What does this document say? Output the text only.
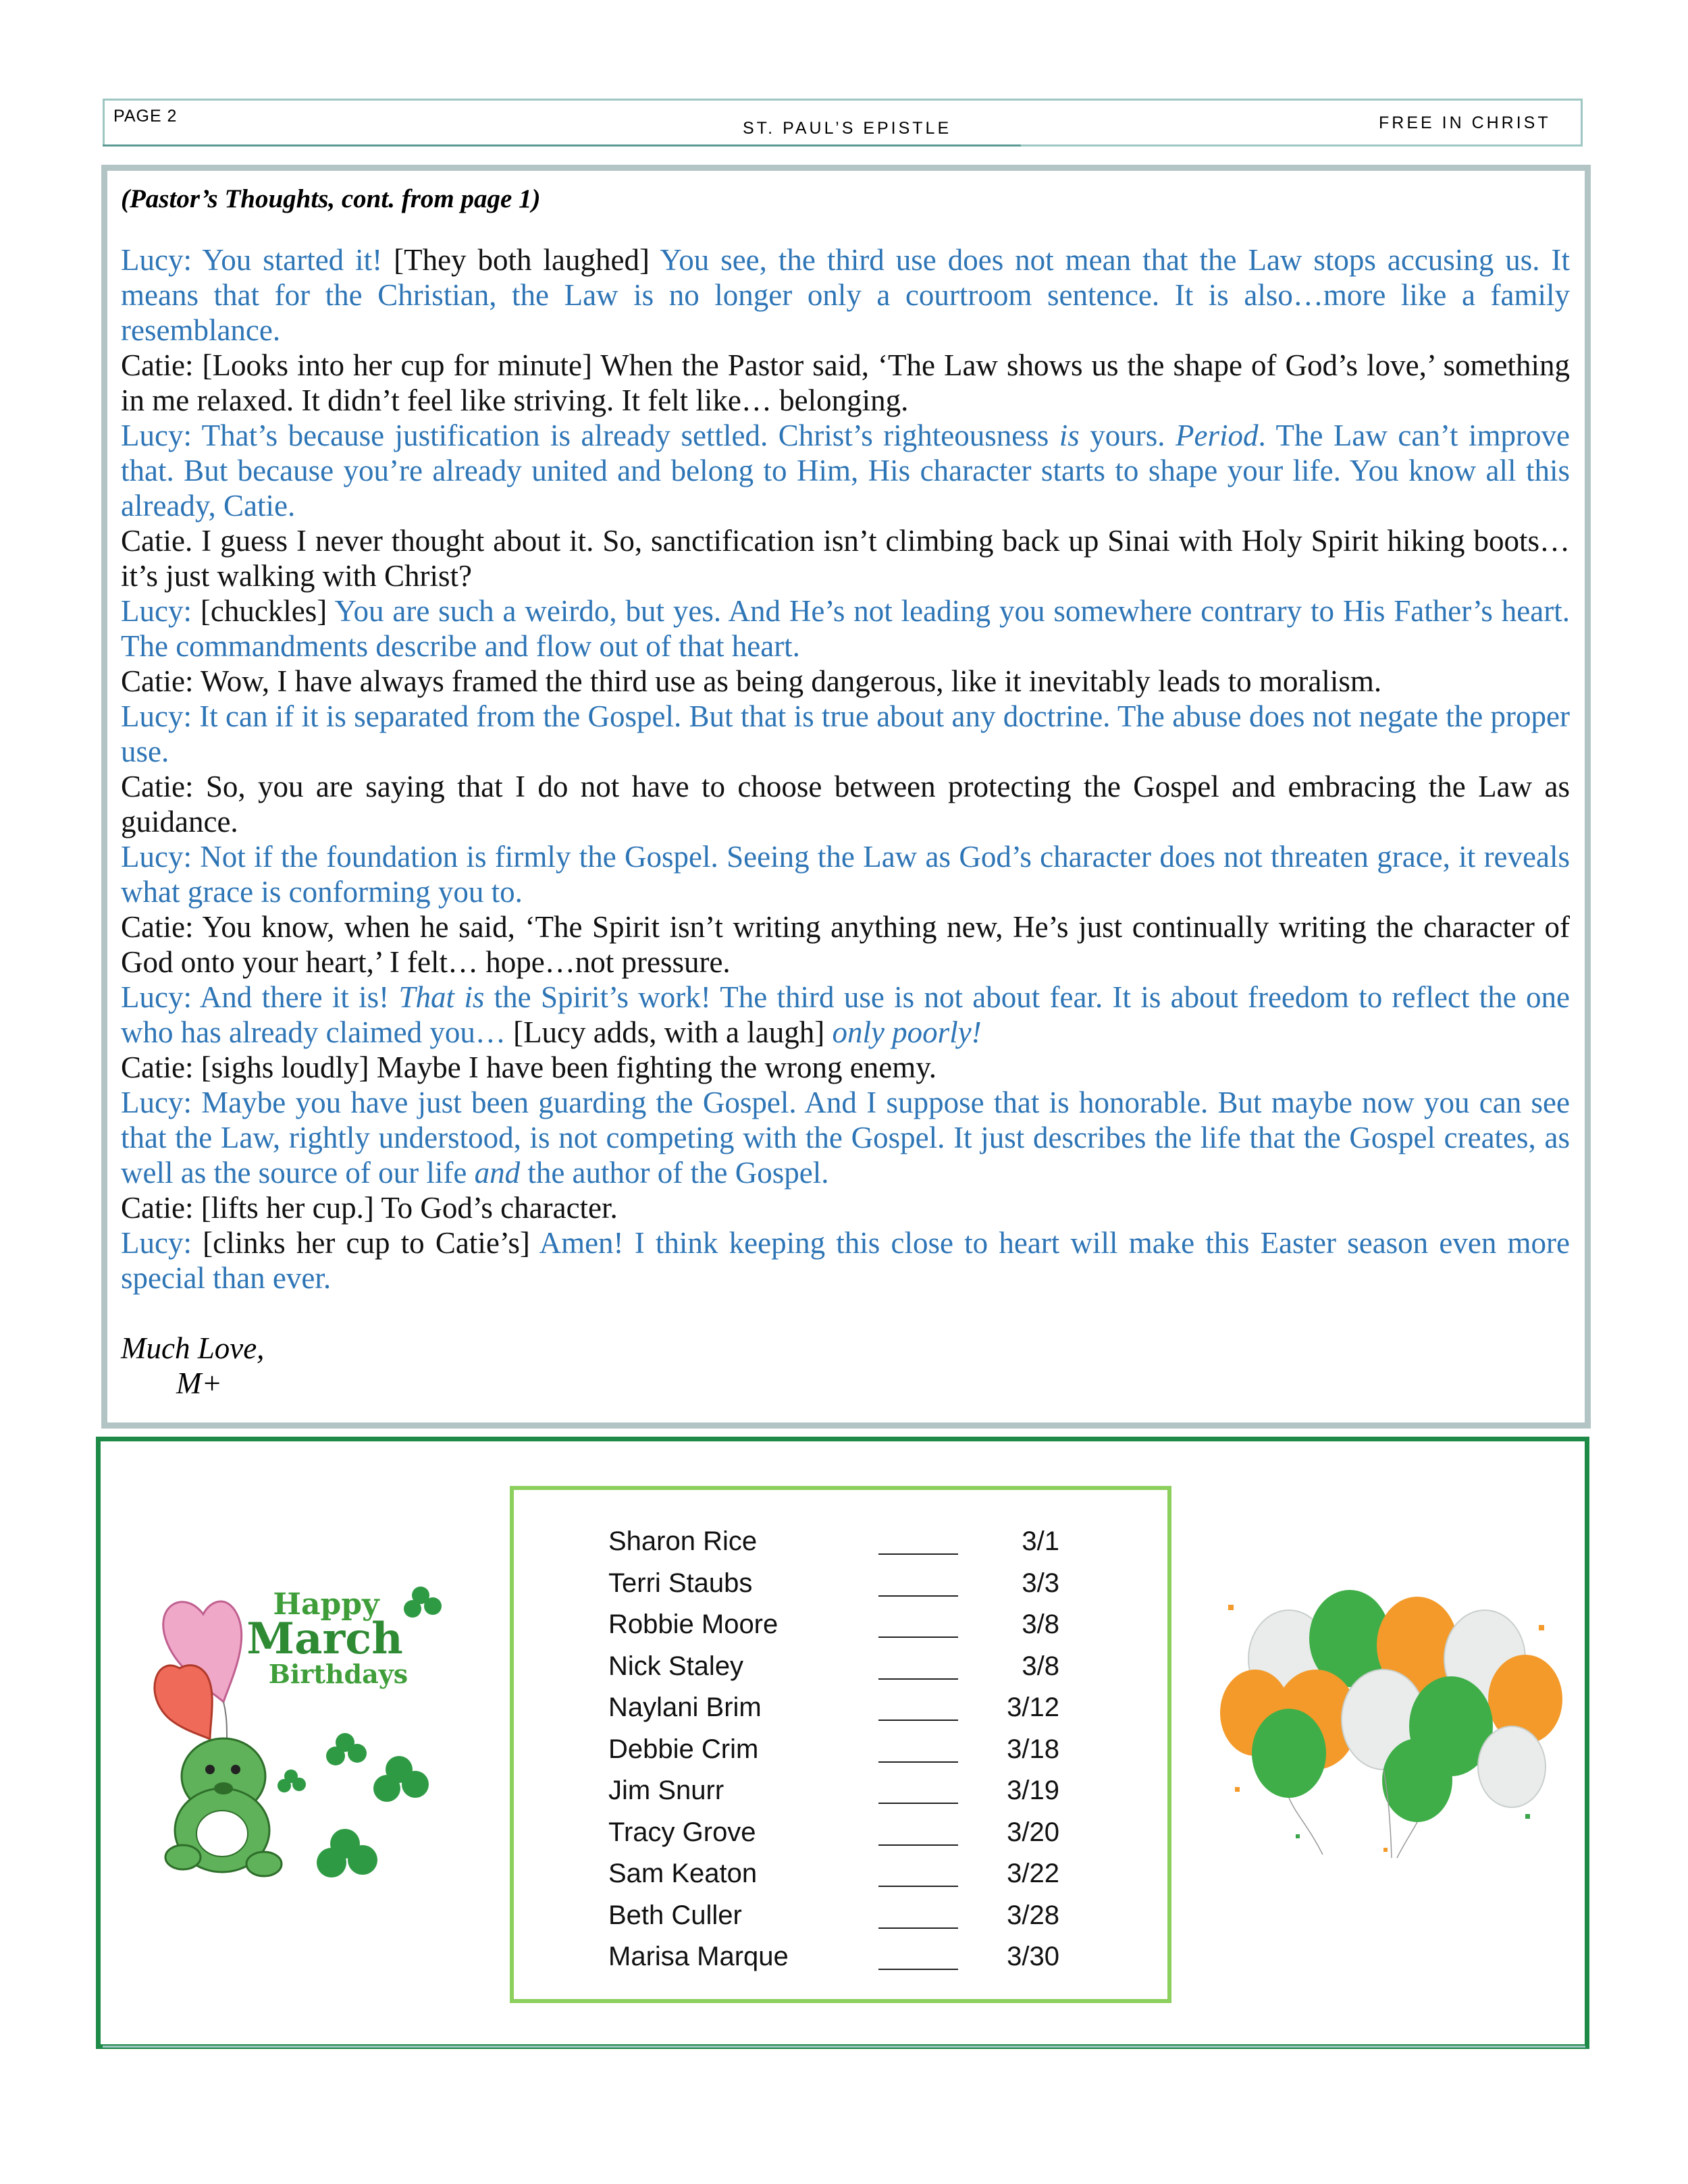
PAGE 2
ST. PAUL’S EPISTLE	FREE IN CHRIST

(Pastor’s Thoughts, cont. from page 1)

Lucy: You started it! [They both laughed] You see, the third use does not mean that the Law stops accusing us. It means that for the Christian, the Law is no longer only a courtroom sentence. It is also…more like a family resemblance.

Catie: [Looks into her cup for minute] When the Pastor said, ‘The Law shows us the shape of God’s love,’ something in me relaxed. It didn’t feel like striving. It felt like… belonging.

Lucy: That’s because justification is already settled. Christ’s righteousness is yours. Period. The Law can’t improve that. But because you’re already united and belong to Him, His character starts to shape your life. You know all this already, Catie.

Catie. I guess I never thought about it. So, sanctification isn’t climbing back up Sinai with Holy Spirit hiking boots…it’s just walking with Christ?

Lucy: [chuckles] You are such a weirdo, but yes. And He’s not leading you somewhere contrary to His Father’s heart. The commandments describe and flow out of that heart.

Catie: Wow, I have always framed the third use as being dangerous, like it inevitably leads to moralism.

Lucy: It can if it is separated from the Gospel. But that is true about any doctrine. The abuse does not negate the proper use.

Catie: So, you are saying that I do not have to choose between protecting the Gospel and embracing the Law as guidance.

Lucy: Not if the foundation is firmly the Gospel. Seeing the Law as God’s character does not threaten grace, it reveals what grace is conforming you to.

Catie: You know, when he said, ‘The Spirit isn’t writing anything new, He’s just continually writing the character of God onto your heart,’ I felt… hope…not pressure.

Lucy: And there it is! That is the Spirit’s work! The third use is not about fear. It is about freedom to reflect the one who has already claimed you… [Lucy adds, with a laugh] only poorly!

Catie: [sighs loudly] Maybe I have been fighting the wrong enemy.

Lucy: Maybe you have just been guarding the Gospel. And I suppose that is honorable. But maybe now you can see that the Law, rightly understood, is not competing with the Gospel. It just describes the life that the Gospel creates, as well as the source of our life and the author of the Gospel.

Catie: [lifts her cup.] To God’s character.

Lucy: [clinks her cup to Catie’s] Amen! I think keeping this close to heart will make this Easter season even more special than ever.

Much Love,
M+
Happy
March
Birthdays
Sharon Rice	3/1
Terri Staubs	3/3
Robbie Moore	3/8
Nick Staley	3/8
Naylani Brim	3/12
Debbie Crim	3/18
Jim Snurr	3/19
Tracy Grove	3/20
Sam Keaton	3/22
Beth Culler	3/28
Marisa Marque	3/30
